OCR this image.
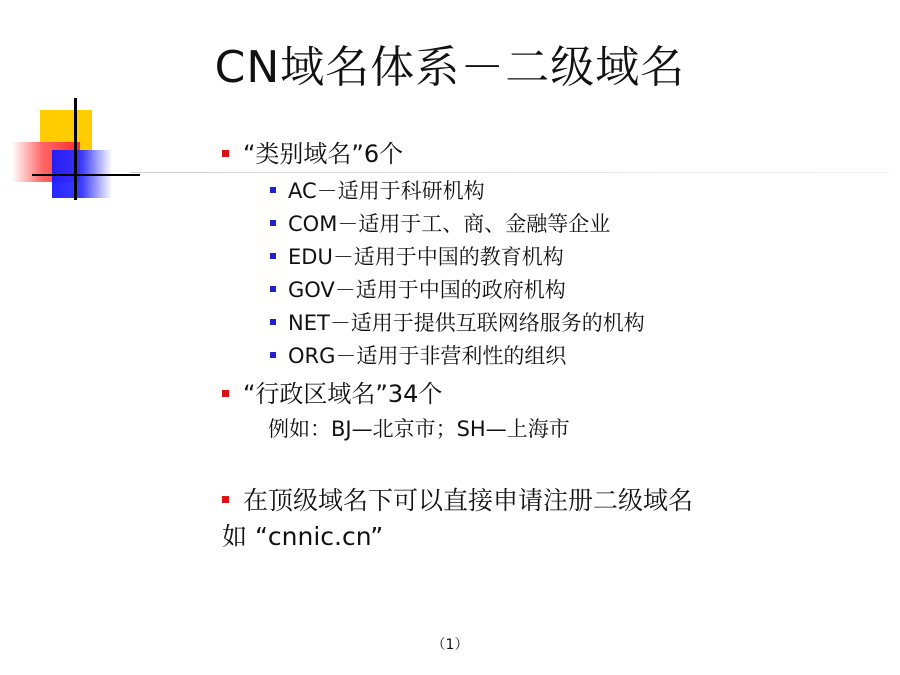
CN域名体系－二级域名
“类别域名”6个
AC－适用于科研机构
COM－适用于工、商、金融等企业
EDU－适用于中国的教育机构
GOV－适用于中国的政府机构
NET－适用于提供互联网络服务的机构
ORG－适用于非营利性的组织
“行政区域名”34个
例如：BJ—北京市；SH—上海市
在顶级域名下可以直接申请注册二级域名
如 “cnnic.cn”
（1）
